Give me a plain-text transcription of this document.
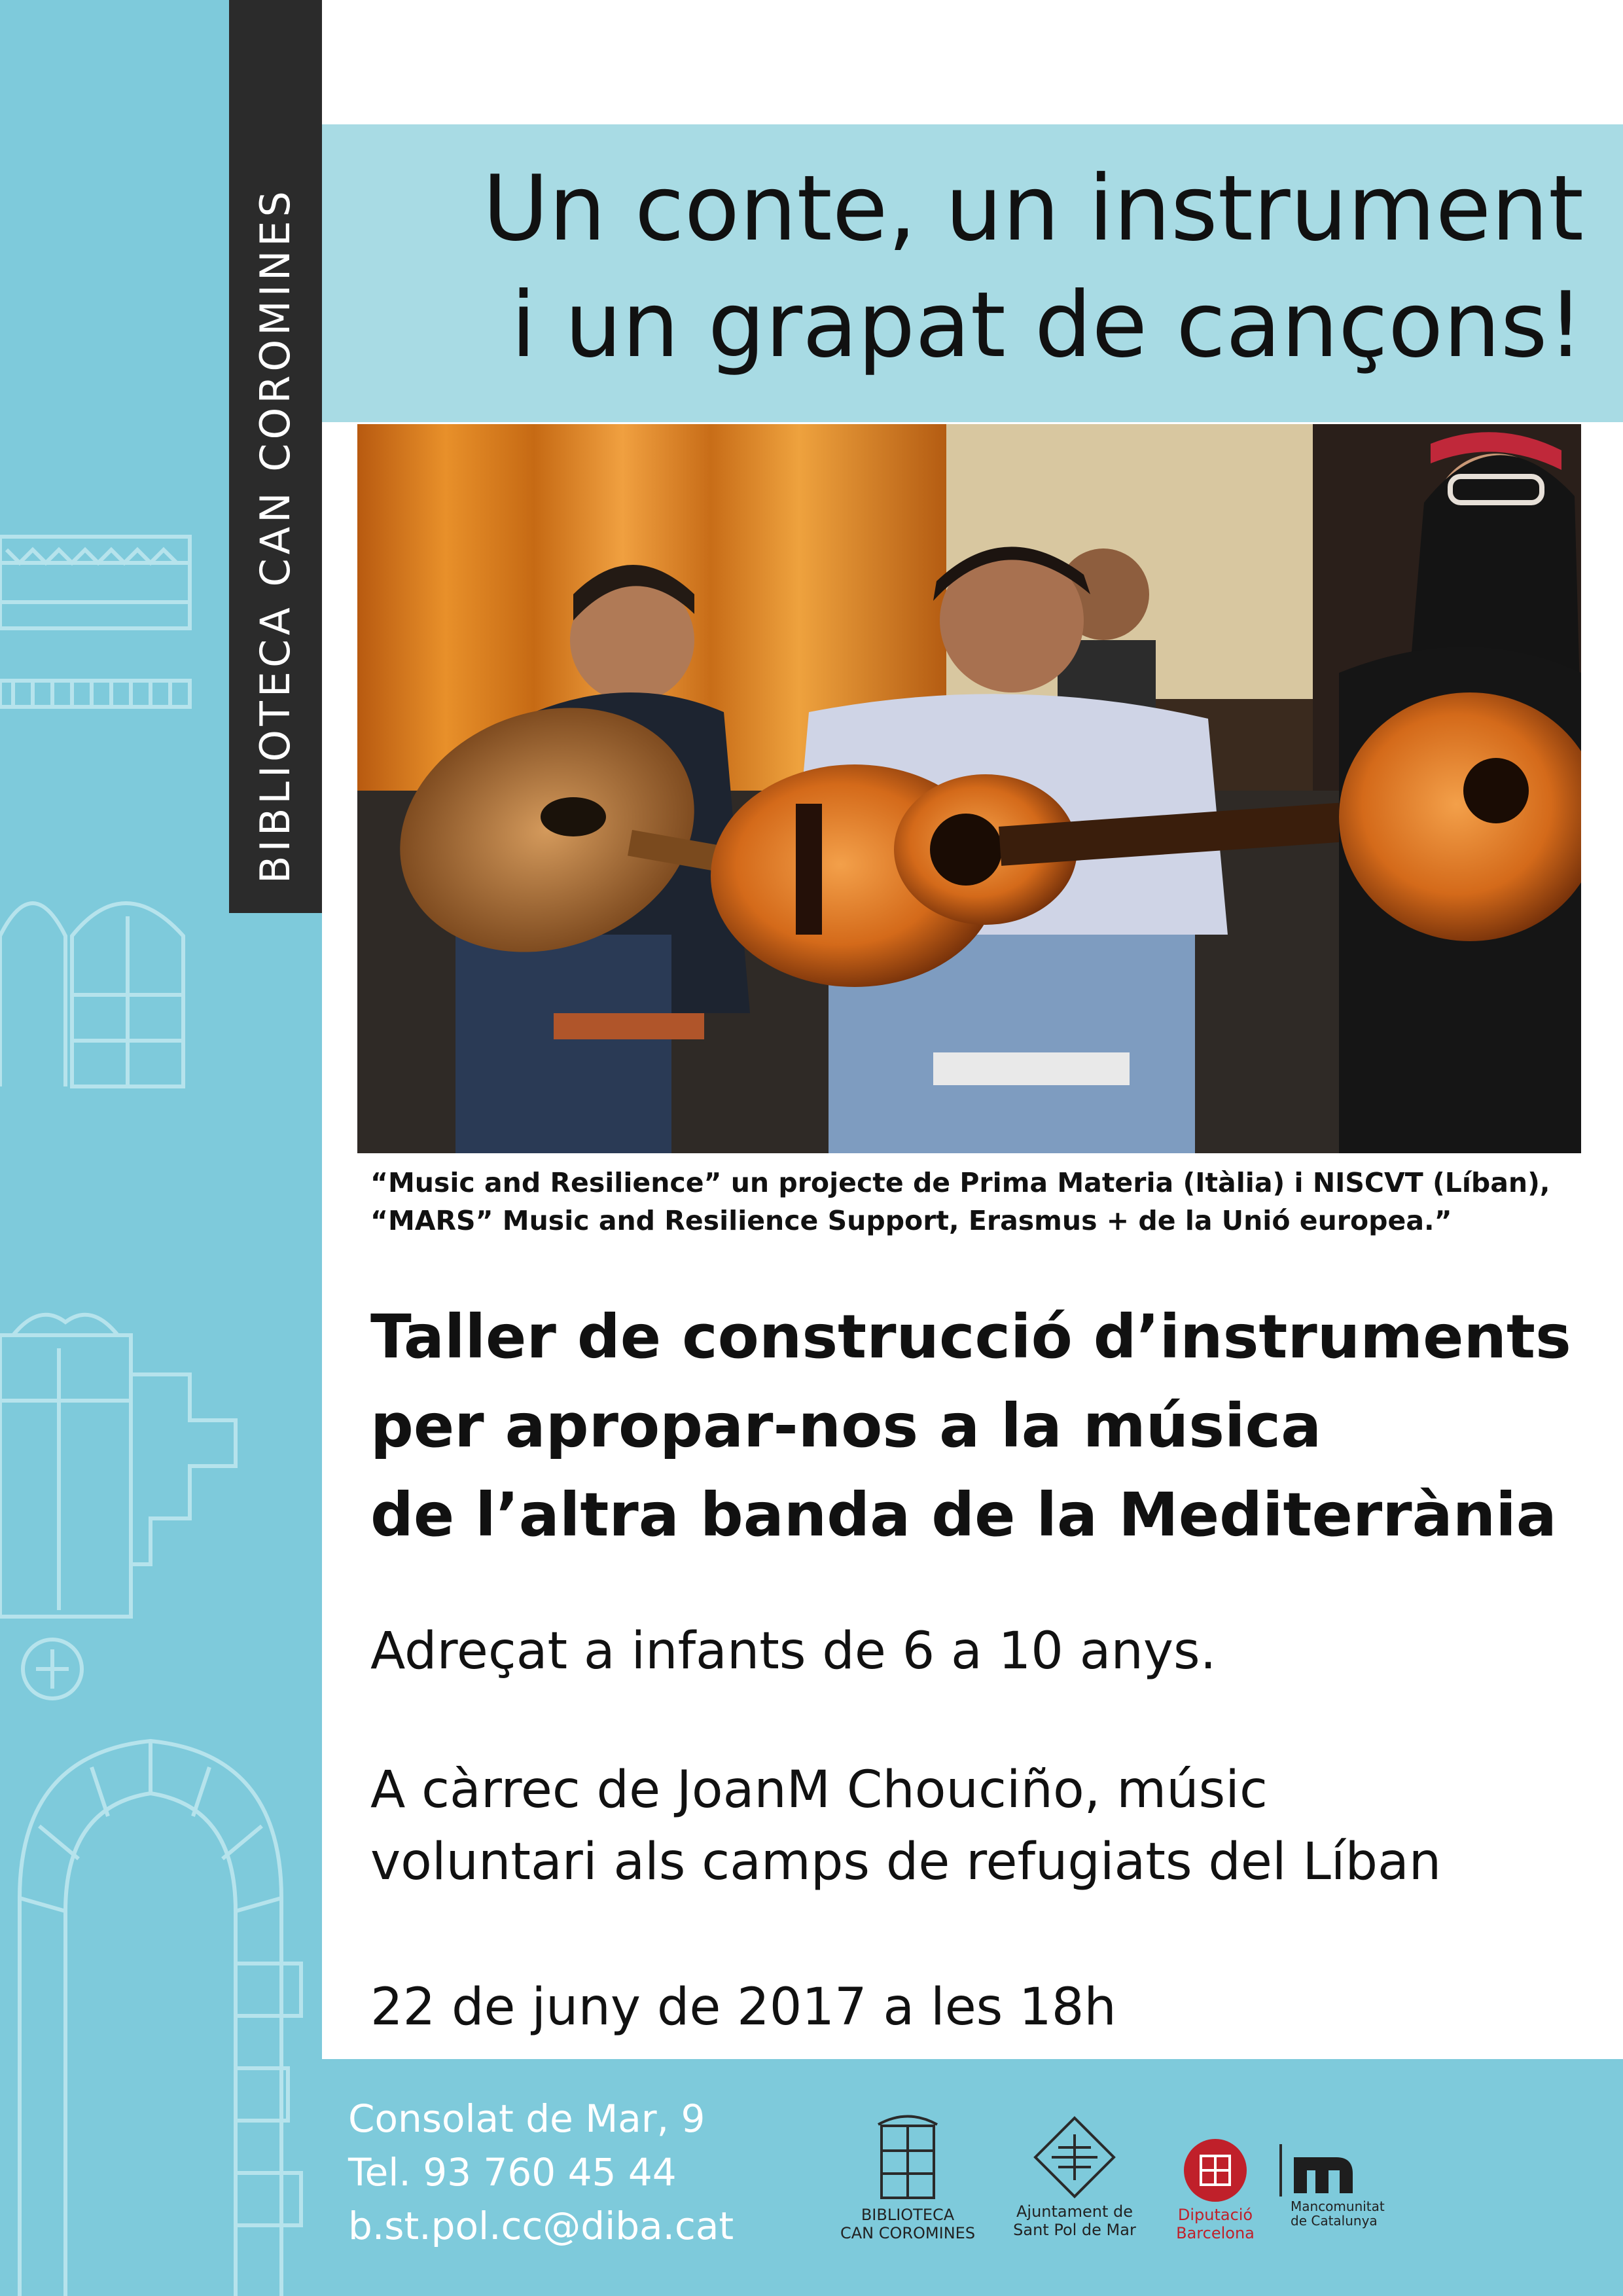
BIBLIOTECA CAN COROMINES	Un conte, un instrument
i un grapat de cançons!
“Music and Resilience” un projecte de Prima Materia (Itàlia) i NISCVT (Líban),
“MARS” Music and Resilience Support, Erasmus + de la Unió europea.”
Taller de construcció d’instruments
per apropar-nos a la música
de l’altra banda de la Mediterrània
Adreçat a infants de 6 a 10 anys.
A càrrec de JoanM Chouciño, músic
voluntari als camps de refugiats del Líban
22 de juny de 2017 a les 18h
Consolat de Mar, 9
Tel. 93 760 45 44
b.st.pol.cc@diba.cat	BIBLIOTECA
CAN COROMINES
Ajuntament de
Sant Pol de Mar
Diputació
Barcelona
Mancomunitat
de Catalunya
